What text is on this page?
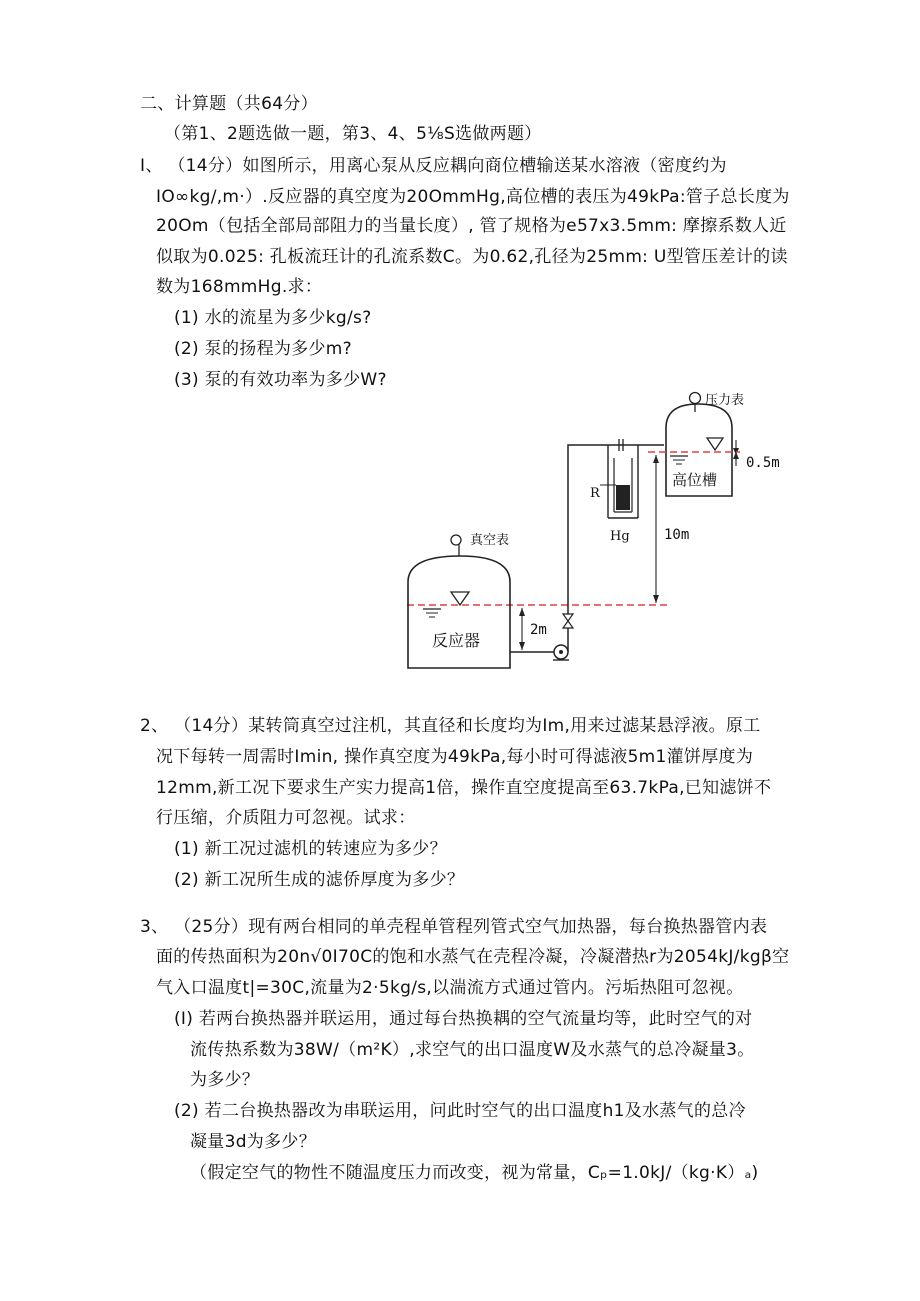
二、计算题（共64分）
（第1、2题选做一题，第3、4、5⅛S选做两题）
I、 （14分）如图所示，用离心泵从反应耦向商位槽输送某水溶液（密度约为
IO∞kg∕,m·）.反应器的真空度为20OmmHg,高位槽的表压为49kPa:管子总长度为
20Om（包括全部局部阻力的当量长度）, 管了规格为e57x3.5mm: 摩擦系数人近
似取为0.025: 孔板流玨计的孔流系数C。为0.62,孔径为25mm: U型管压差计的读
数为168mmHg.求：
(1) 水的流星为多少kg/s?
(2) 泵的扬程为多少m?
(3) 泵的有效功率为多少W?
压力表
高位槽
0.5m
R
Hg 10m
真空表
反应器
2m
2、 （14分）某转筒真空过注机，其直径和长度均为Im,用来过滤某悬浮液。原工
况下每转一周需时Imin, 操作真空度为49kPa,每小时可得滤液5m1灌饼厚度为
12mm,新工况下要求生产实力提高1倍，操作直空度提高至63.7kPa,已知滤饼不
行压缩，介质阻力可忽视。试求：
(1) 新工况过滤机的转速应为多少？
(2) 新工况所生成的滤侨厚度为多少？
3、 （25分）现有两台相同的单壳程单管程列管式空气加热器，每台换热器管内表
面的传热面积为20n√0I70C的饱和水蒸气在壳程冷凝，冷凝潜热r为2054kJ∕kgβ空
气入口温度t|=30C,流量为2·5kg∕s,以湍流方式通过管内。污垢热阻可忽视。
(I) 若两台换热器并联运用，通过每台热换耦的空气流量均等，此时空气的对
流传热系数为38W∕（m²K）,求空气的出口温度W及水蒸气的总冷凝量3。
为多少？
(2) 若二台换热器改为串联运用，问此时空气的出口温度h1及水蒸气的总冷
凝量3d为多少？
（假定空气的物性不随温度压力而改变，视为常量，Cₚ=1.0kJ∕（kg·K）ₐ)
